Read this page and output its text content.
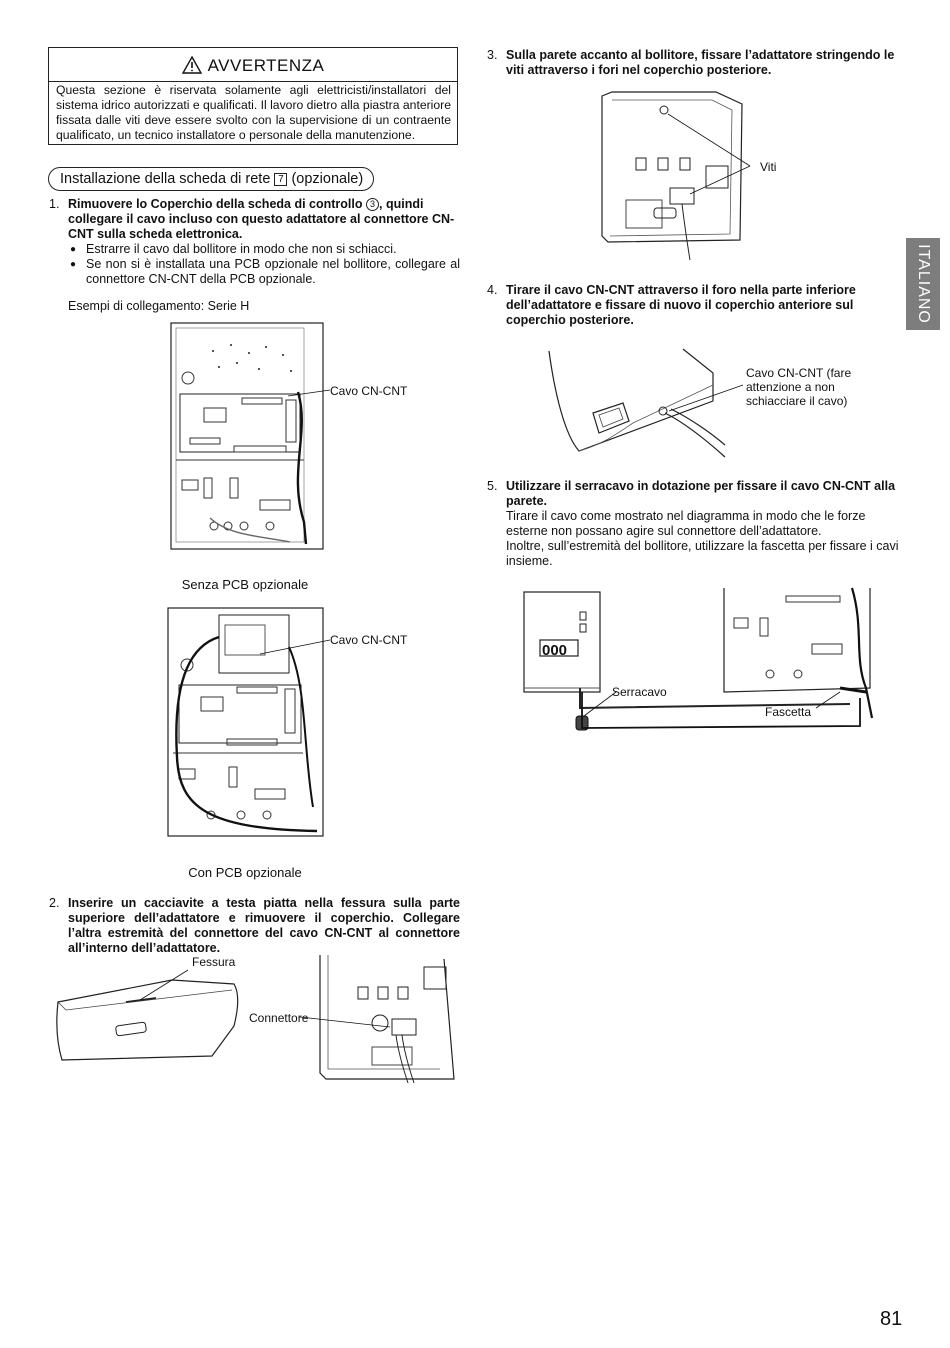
AVVERTENZA
Questa sezione è riservata solamente agli elettricisti/installatori del sistema idrico autorizzati e qualificati. Il lavoro dietro alla piastra anteriore fissata dalle viti deve essere svolto con la supervisione di un contraente qualificato, un tecnico installatore o personale della manutenzione.
Installazione della scheda di rete 7 (opzionale)
1. Rimuovere lo Coperchio della scheda di controllo 3 , quindi collegare il cavo incluso con questo adattatore al connettore CN-CNT sulla scheda elettronica.
● Estrarre il cavo dal bollitore in modo che non si schiacci.
● Se non si è installata una PCB opzionale nel bollitore, collegare al connettore CN-CNT della PCB opzionale.
Esempi di collegamento: Serie H
Cavo CN-CNT
Senza PCB opzionale
Cavo CN-CNT
Con PCB opzionale
2. Inserire un cacciavite a testa piatta nella fessura sulla parte superiore dell’adattatore e rimuovere il coperchio. Collegare l’altra estremità del connettore del cavo CN-CNT al connettore all’interno dell’adattatore.
Fessura
Connettore
3. Sulla parete accanto al bollitore, fissare l’adattatore stringendo le viti attraverso i fori nel coperchio posteriore.
Viti
ITALIANO
4. Tirare il cavo CN-CNT attraverso il foro nella parte inferiore dell’adattatore e fissare di nuovo il coperchio anteriore sul coperchio posteriore.
Cavo CN-CNT (fare attenzione a non schiacciare il cavo)
5. Utilizzare il serracavo in dotazione per fissare il cavo CN-CNT alla parete.
Tirare il cavo come mostrato nel diagramma in modo che le forze esterne non possano agire sul connettore dell’adattatore.
Inoltre, sull’estremità del bollitore, utilizzare la fascetta per fissare i cavi insieme.
000
Serracavo
Fascetta
81
